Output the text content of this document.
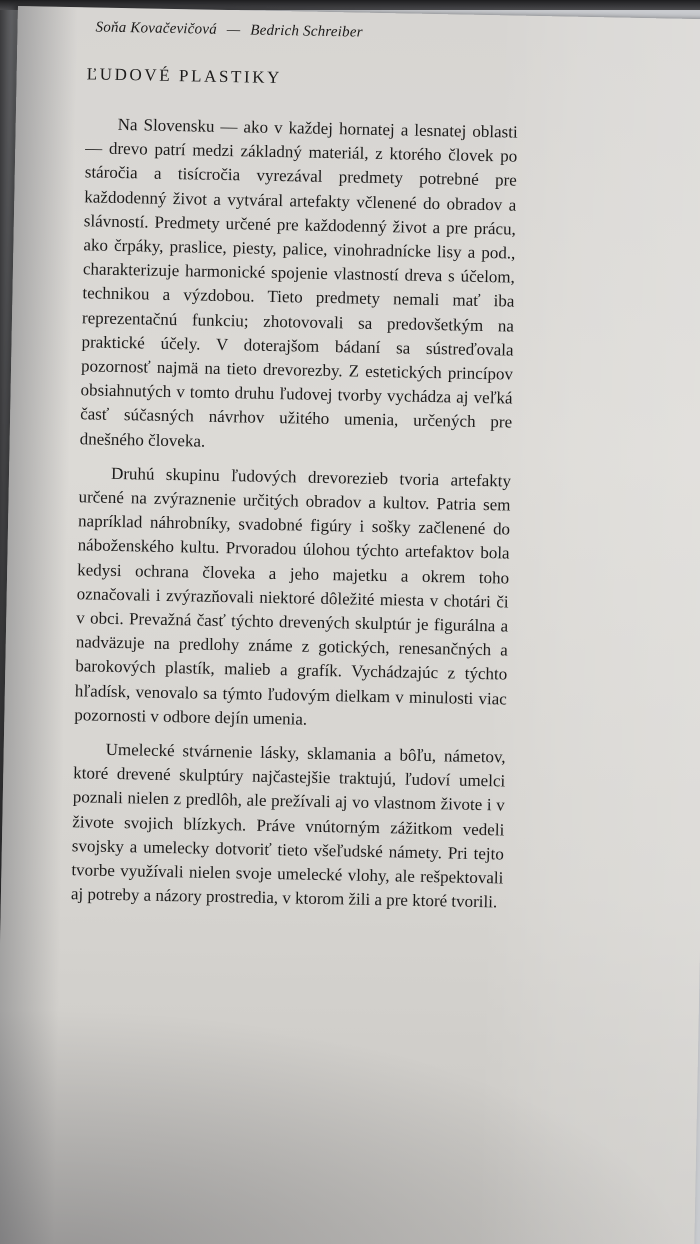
Soňa Kovačevičová — Bedrich Schreiber
ĽUDOVÉ PLASTIKY

Na Slovensku — ako v každej hornatej a lesnatej oblasti — drevo patrí medzi základný materiál, z ktorého človek po stáročia a tisícročia vyrezával predmety potrebné pre každodenný život a vytváral artefakty včlenené do obradov a slávností. Predmety určené pre každodenný život a pre prácu, ako črpáky, praslice, piesty, palice, vinohradnícke lisy a pod., charakterizuje harmonické spojenie vlastností dreva s účelom, technikou a výzdobou. Tieto predmety nemali mať iba reprezentačnú funkciu; zhotovovali sa predovšetkým na praktické účely. V doterajšom bádaní sa sústreďovala pozornosť najmä na tieto drevorezby. Z estetických princípov obsiahnutých v tomto druhu ľudovej tvorby vychádza aj veľká časť súčasných návrhov užitého umenia, určených pre dnešného človeka.

Druhú skupinu ľudových drevorezieb tvoria artefakty určené na zvýraznenie určitých obradov a kultov. Patria sem napríklad náhrobníky, svadobné figúry i sošky začlenené do náboženského kultu. Prvoradou úlohou týchto artefaktov bola kedysi ochrana človeka a jeho majetku a okrem toho označovali i zvýrazňovali niektoré dôležité miesta v chotári či v obci. Prevažná časť týchto drevených skulptúr je figurálna a nadväzuje na predlohy známe z gotických, renesančných a barokových plastík, malieb a grafík. Vychádzajúc z týchto hľadísk, venovalo sa týmto ľudovým dielkam v minulosti viac pozornosti v odbore dejín umenia.

Umelecké stvárnenie lásky, sklamania a bôľu, námetov, ktoré drevené skulptúry najčastejšie traktujú, ľudoví umelci poznali nielen z predlôh, ale prežívali aj vo vlastnom živote i v živote svojich blízkych. Práve vnútorným zážitkom vedeli svojsky a umelecky dotvoriť tieto všeľudské námety. Pri tejto tvorbe využívali nielen svoje umelecké vlohy, ale rešpektovali aj potreby a názory prostredia, v ktorom žili a pre ktoré tvorili.
